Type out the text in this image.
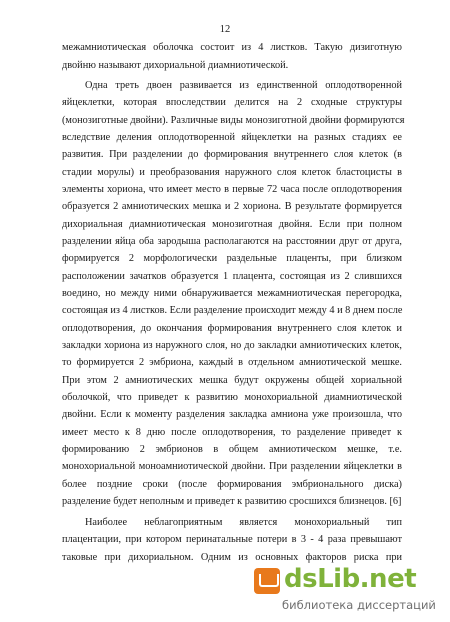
12
межамниотическая оболочка состоит из 4 листков. Такую дизиготную
двойню называют дихориальной диамниотической.
Одна треть двоен развивается из единственной оплодотворенной
яйцеклетки, которая впоследствии делится на 2 сходные структуры
(монозиготные двойни). Различные виды монозиготной двойни формируются
вследствие деления оплодотворенной яйцеклетки на разных стадиях ее
развития. При разделении до формирования внутреннего слоя клеток (в
стадии морулы) и преобразования наружного слоя клеток бластоцисты в
элементы хориона, что имеет место в первые 72 часа после оплодотворения
образуется 2 амниотических мешка и 2 хориона. В результате формируется
дихориальная диамниотическая монозиготная двойня. Если при полном
разделении яйца оба зародыша располагаются на расстоянии друг от друга,
формируется 2 морфологически раздельные плаценты, при близком
расположении зачатков образуется 1 плацента, состоящая из 2 слившихся
воедино, но между ними обнаруживается межамниотическая перегородка,
состоящая из 4 листков. Если разделение происходит между 4 и 8 днем после
оплодотворения, до окончания формирования внутреннего слоя клеток и
закладки хориона из наружного слоя, но до закладки амниотических клеток,
то формируется 2 эмбриона, каждый в отдельном амниотической мешке.
При этом 2 амниотических мешка будут окружены общей хориальной
оболочкой, что приведет к развитию монохориальной диамниотической
двойни. Если к моменту разделения закладка амниона уже произошла, что
имеет место к 8 дню после оплодотворения, то разделение приведет к
формированию 2 эмбрионов в общем амниотическом мешке, т.е.
монохориальной моноамниотической двойни. При разделении яйцеклетки в
более поздние сроки (после формирования эмбрионального диска)
разделение будет неполным и приведет к развитию сросшихся близнецов. [6]
Наиболее неблагоприятным является монохориальный тип
плацентации, при котором перинатальные потери в 3 - 4 раза превышают
таковые при дихориальном. Одним из основных факторов риска при
dsLib.net
библиотека диссертаций
